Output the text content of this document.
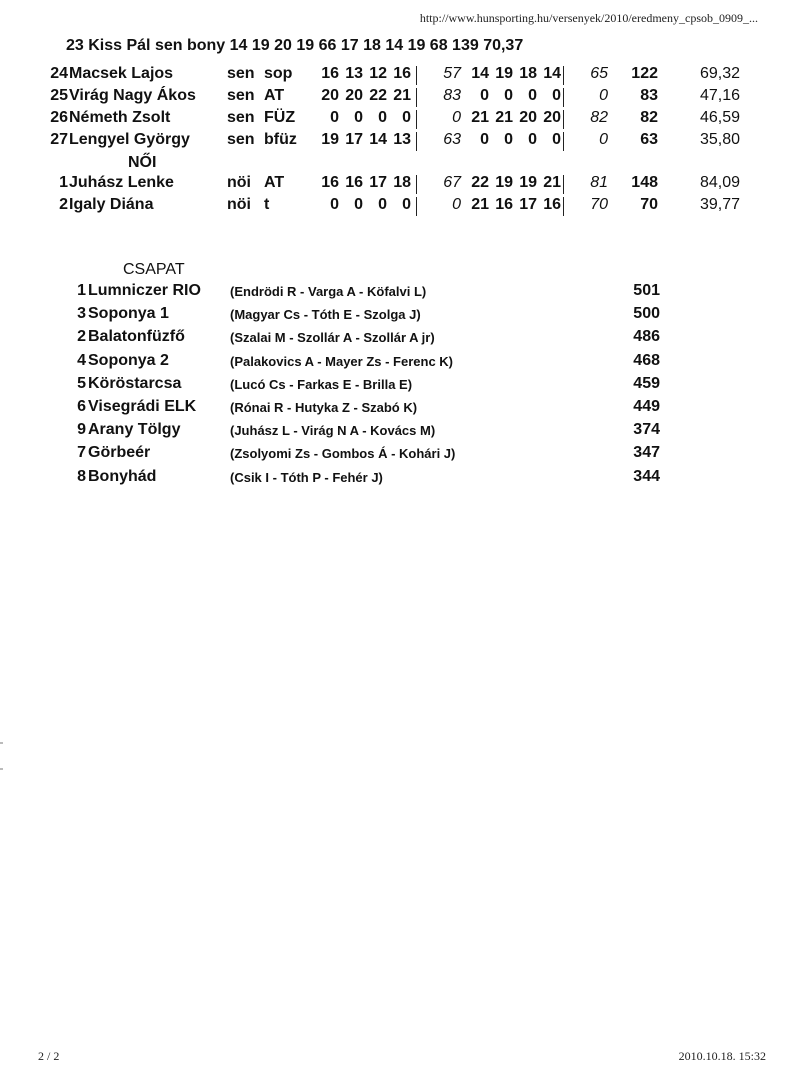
http://www.hunsporting.hu/versenyek/2010/eredmeny_cpsob_0909_...
23 Kiss Pál sen bony 14 19 20 19 66 17 18 14 19 68 139 70,37
24 Macsek Lajos	sen sop	16 13 12 16	57 14 19 18 14	65	122	69,32
25 Virág Nagy Ákos sen AT	20 20 22 21	83	0 0 0 0	0	83	47,16
26 Németh Zsolt	sen FÜZ	0 0 0 0	0 21 21 20 20	82	82	46,59
27 Lengyel György sen bfüz	19 17 14 13	63	0 0 0 0	0	63	35,80
NŐI
1 Juhász Lenke	nöi AT	16 16 17 18	67 22 19 19 21	81	148	84,09
2 Igaly Diána	nöi t	0 0 0 0	0 21 16 17 16	70	70	39,77
CSAPAT
1 Lumniczer RIO (Endrödi R - Varga A - Köfalvi L)	501
3 Soponya 1	(Magyar Cs - Tóth E - Szolga J)	500
2 Balatonfüzfő	(Szalai M - Szollár A - Szollár A jr)	486
4 Soponya 2	(Palakovics A - Mayer Zs - Ferenc K)	468
5 Köröstarcsa	(Lucó Cs - Farkas E - Brilla E)	459
6 Visegrádi ELK	(Rónai R - Hutyka Z - Szabó K)	449
9 Arany Tölgy	(Juhász L - Virág N A - Kovács M)	374
7 Görbeér	(Zsolyomi Zs - Gombos Á - Kohári J)	347
8 Bonyhád	(Csik I - Tóth P - Fehér J)	344
2 / 2	2010.10.18. 15:32
